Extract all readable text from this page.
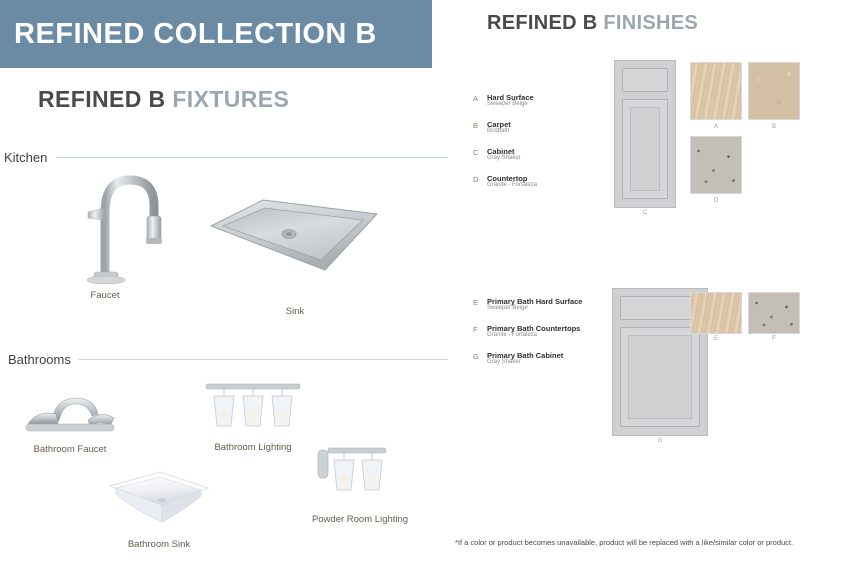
REFINED COLLECTION B
REFINED B FIXTURES
REFINED B FINISHES
Kitchen
Faucet
Sink
Bathrooms
Bathroom Faucet	Bathroom Lighting
Powder Room Lighting
Bathroom Sink
A	Hard Surface
Sweeper Beige
B	Carpet
Birdbath
C	Cabinet
Gray Shaker
D	Countertop
Granite - Fortaleza
C
A	B
D
E	Primary Bath Hard Surface
Sweeper Beige
F	Primary Bath Countertops
Granite - Fortaleza
G	Primary Bath Cabinet
Gray Shaker
G
E	F
*If a color or product becomes unavailable, product will be replaced with a like/similar color or product.
